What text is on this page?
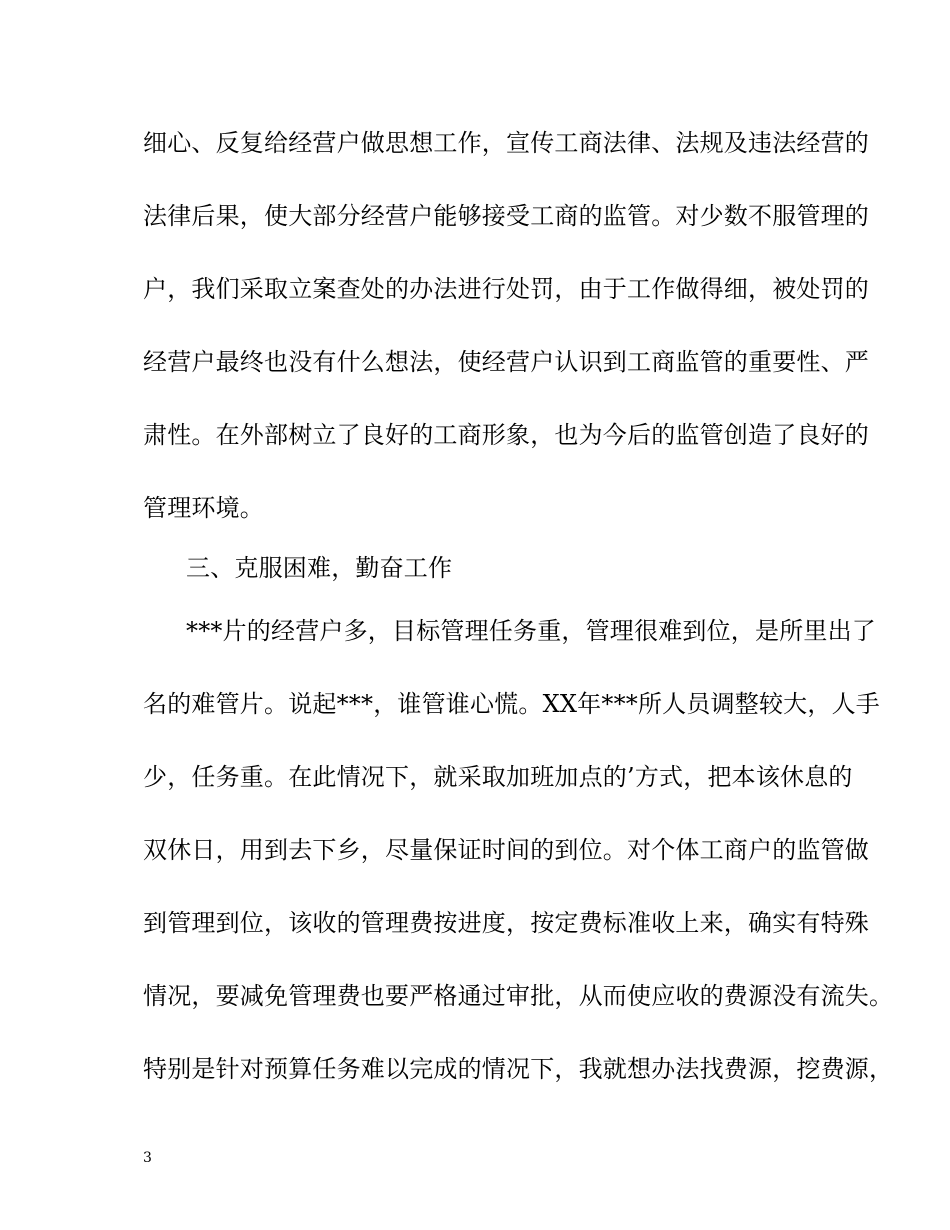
细心、反复给经营户做思想工作，宣传工商法律、法规及违法经营的
法律后果，使大部分经营户能够接受工商的监管。对少数不服管理的
户，我们采取立案查处的办法进行处罚，由于工作做得细，被处罚的
经营户最终也没有什么想法，使经营户认识到工商监管的重要性、严
肃性。在外部树立了良好的工商形象，也为今后的监管创造了良好的
管理环境。
三、克服困难，勤奋工作
***片的经营户多，目标管理任务重，管理很难到位，是所里出了
名的难管片。说起***，谁管谁心慌。XX年***所人员调整较大，人手
少，任务重。在此情况下，就采取加班加点的’方式，把本该休息的
双休日，用到去下乡，尽量保证时间的到位。对个体工商户的监管做
到管理到位，该收的管理费按进度，按定费标准收上来，确实有特殊
情况，要减免管理费也要严格通过审批，从而使应收的费源没有流失。
特别是针对预算任务难以完成的情况下，我就想办法找费源，挖费源，
3
